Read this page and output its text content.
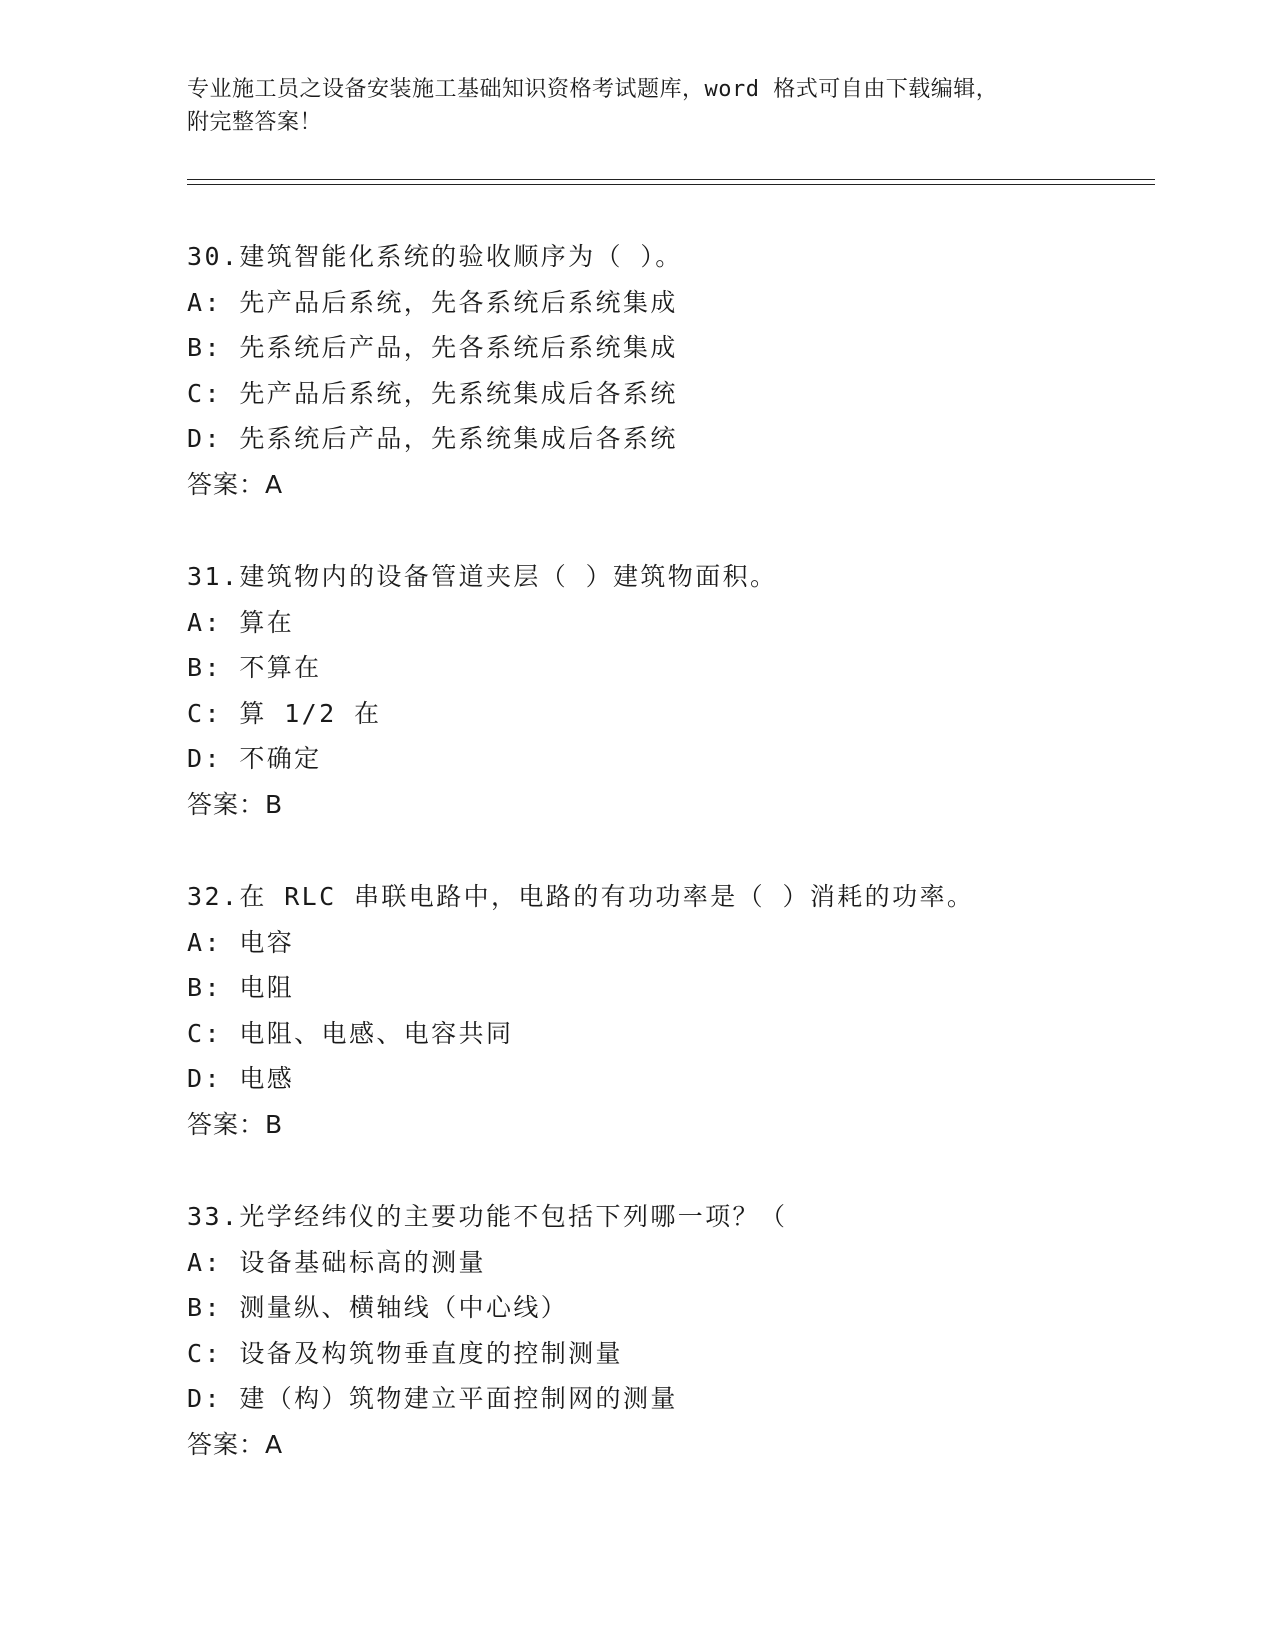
专业施工员之设备安装施工基础知识资格考试题库，word 格式可自由下载编辑，
附完整答案！
30.建筑智能化系统的验收顺序为（ ）。
A: 先产品后系统，先各系统后系统集成
B: 先系统后产品，先各系统后系统集成
C: 先产品后系统，先系统集成后各系统
D: 先系统后产品，先系统集成后各系统
答案：A
31.建筑物内的设备管道夹层（ ）建筑物面积。
A: 算在
B: 不算在
C: 算 1/2 在
D: 不确定
答案：B
32.在 RLC 串联电路中，电路的有功功率是（ ）消耗的功率。
A: 电容
B: 电阻
C: 电阻、电感、电容共同
D: 电感
答案：B
33.光学经纬仪的主要功能不包括下列哪一项？（
A: 设备基础标高的测量
B: 测量纵、横轴线（中心线）
C: 设备及构筑物垂直度的控制测量
D: 建（构）筑物建立平面控制网的测量
答案：A
